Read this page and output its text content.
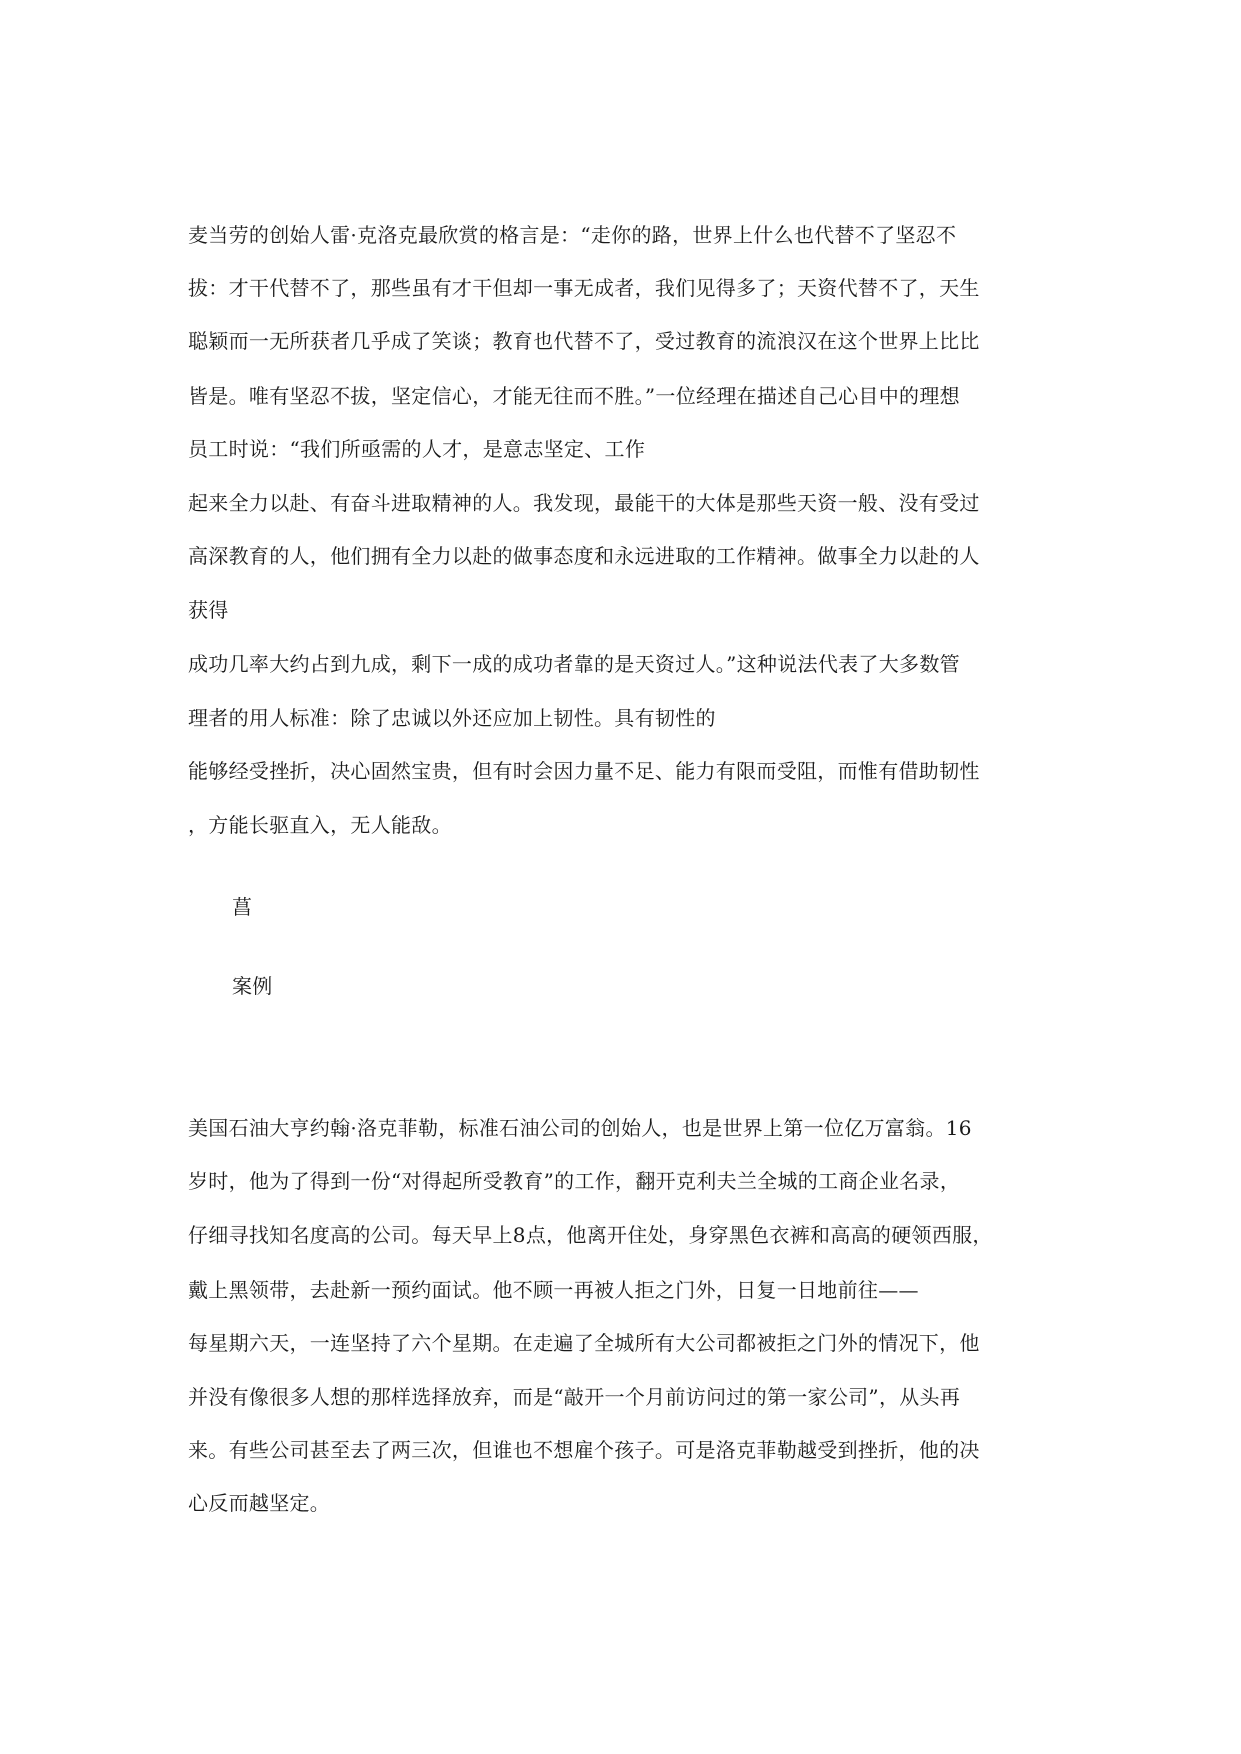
麦当劳的创始人雷·克洛克最欣赏的格言是：“走你的路，世界上什么也代替不了坚忍不
拔：才干代替不了，那些虽有才干但却一事无成者，我们见得多了；天资代替不了，天生
聪颖而一无所获者几乎成了笑谈；教育也代替不了，受过教育的流浪汉在这个世界上比比
皆是。唯有坚忍不拔，坚定信心，才能无往而不胜。”一位经理在描述自己心目中的理想
员工时说：“我们所亟需的人才，是意志坚定、工作
起来全力以赴、有奋斗进取精神的人。我发现，最能干的大体是那些天资一般、没有受过
高深教育的人，他们拥有全力以赴的做事态度和永远进取的工作精神。做事全力以赴的人
获得
成功几率大约占到九成，剩下一成的成功者靠的是天资过人。”这种说法代表了大多数管
理者的用人标准：除了忠诚以外还应加上韧性。具有韧性的
能够经受挫折，决心固然宝贵，但有时会因力量不足、能力有限而受阻，而惟有借助韧性
，方能长驱直入，无人能敌。
菖
案例
美国石油大亨约翰·洛克菲勒，标准石油公司的创始人，也是世界上第一位亿万富翁。16
岁时，他为了得到一份“对得起所受教育”的工作，翻开克利夫兰全城的工商企业名录，
仔细寻找知名度高的公司。每天早上8点，他离开住处，身穿黑色衣裤和高高的硬领西服，
戴上黑领带，去赴新一预约面试。他不顾一再被人拒之门外，日复一日地前往——
每星期六天，一连坚持了六个星期。在走遍了全城所有大公司都被拒之门外的情况下，他
并没有像很多人想的那样选择放弃，而是“敲开一个月前访问过的第一家公司”，从头再
来。有些公司甚至去了两三次，但谁也不想雇个孩子。可是洛克菲勒越受到挫折，他的决
心反而越坚定。
